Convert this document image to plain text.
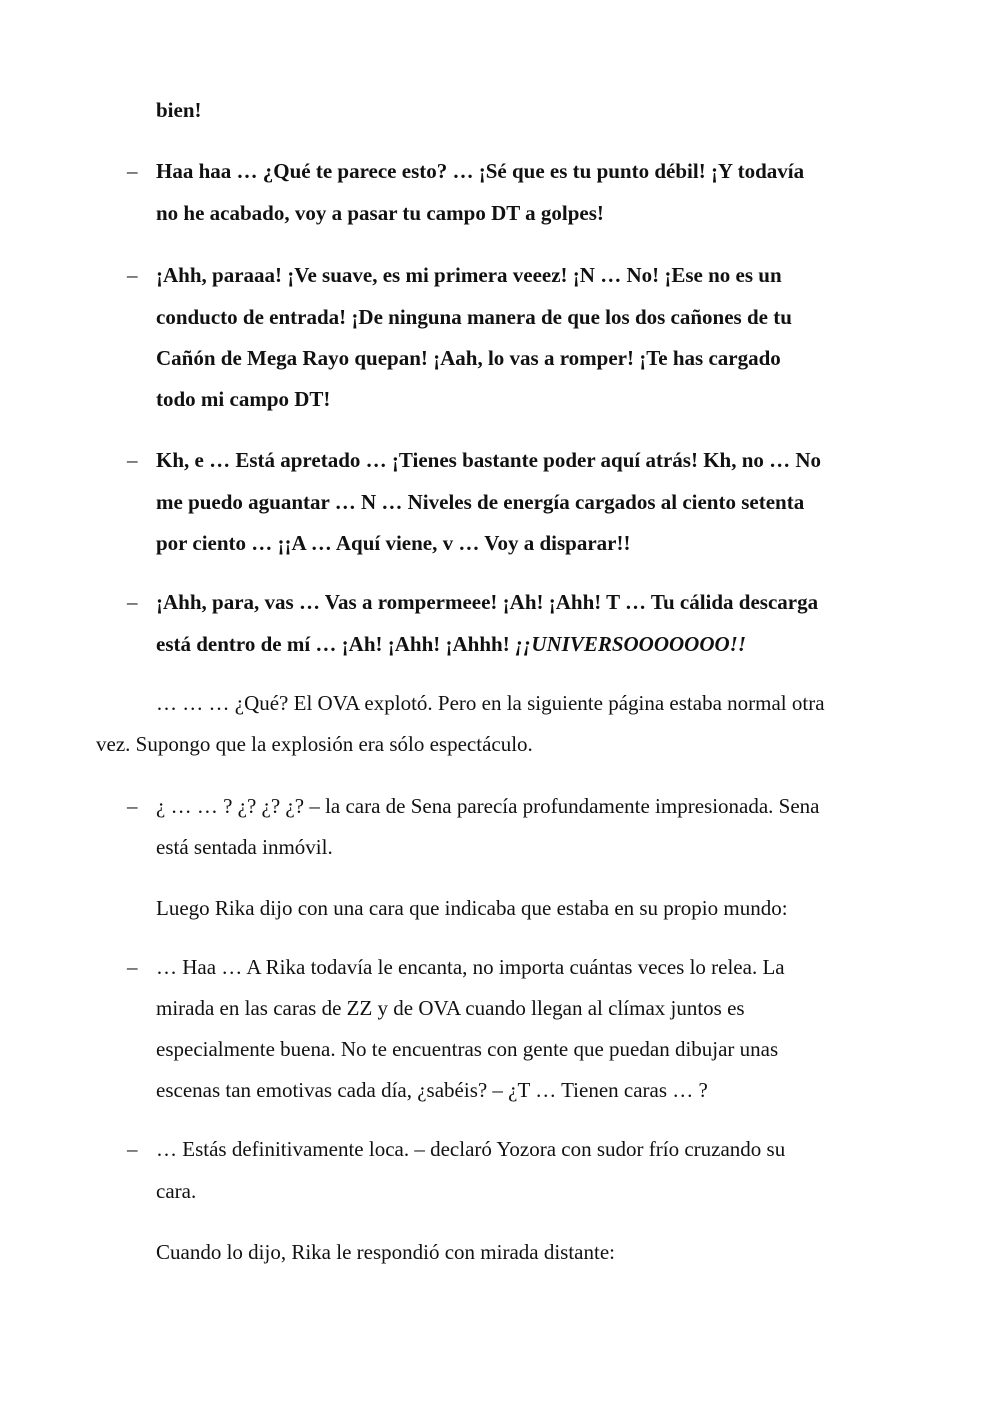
bien!
– Haa haa … ¿Qué te parece esto? … ¡Sé que es tu punto débil! ¡Y todavía
no he acabado, voy a pasar tu campo DT a golpes!
– ¡Ahh, paraaa! ¡Ve suave, es mi primera veeez! ¡N … No! ¡Ese no es un
conducto de entrada! ¡De ninguna manera de que los dos cañones de tu
Cañón de Mega Rayo quepan! ¡Aah, lo vas a romper! ¡Te has cargado
todo mi campo DT!
– Kh, e … Está apretado … ¡Tienes bastante poder aquí atrás! Kh, no … No
me puedo aguantar … N … Niveles de energía cargados al ciento setenta
por ciento … ¡¡A … Aquí viene, v … Voy a disparar!!
– ¡Ahh, para, vas … Vas a rompermeee! ¡Ah! ¡Ahh! T … Tu cálida descarga
está dentro de mí … ¡Ah! ¡Ahh! ¡Ahhh! ¡¡UNIVERSOOOOOOO!!
… … … ¿Qué? El OVA explotó. Pero en la siguiente página estaba normal otra
vez. Supongo que la explosión era sólo espectáculo.
– ¿ … … ? ¿? ¿? ¿? – la cara de Sena parecía profundamente impresionada. Sena
está sentada inmóvil.
Luego Rika dijo con una cara que indicaba que estaba en su propio mundo:
– … Haa … A Rika todavía le encanta, no importa cuántas veces lo relea. La
mirada en las caras de ZZ y de OVA cuando llegan al clímax juntos es
especialmente buena. No te encuentras con gente que puedan dibujar unas
escenas tan emotivas cada día, ¿sabéis? – ¿T … Tienen caras … ?
– … Estás definitivamente loca. – declaró Yozora con sudor frío cruzando su
cara.
Cuando lo dijo, Rika le respondió con mirada distante:
